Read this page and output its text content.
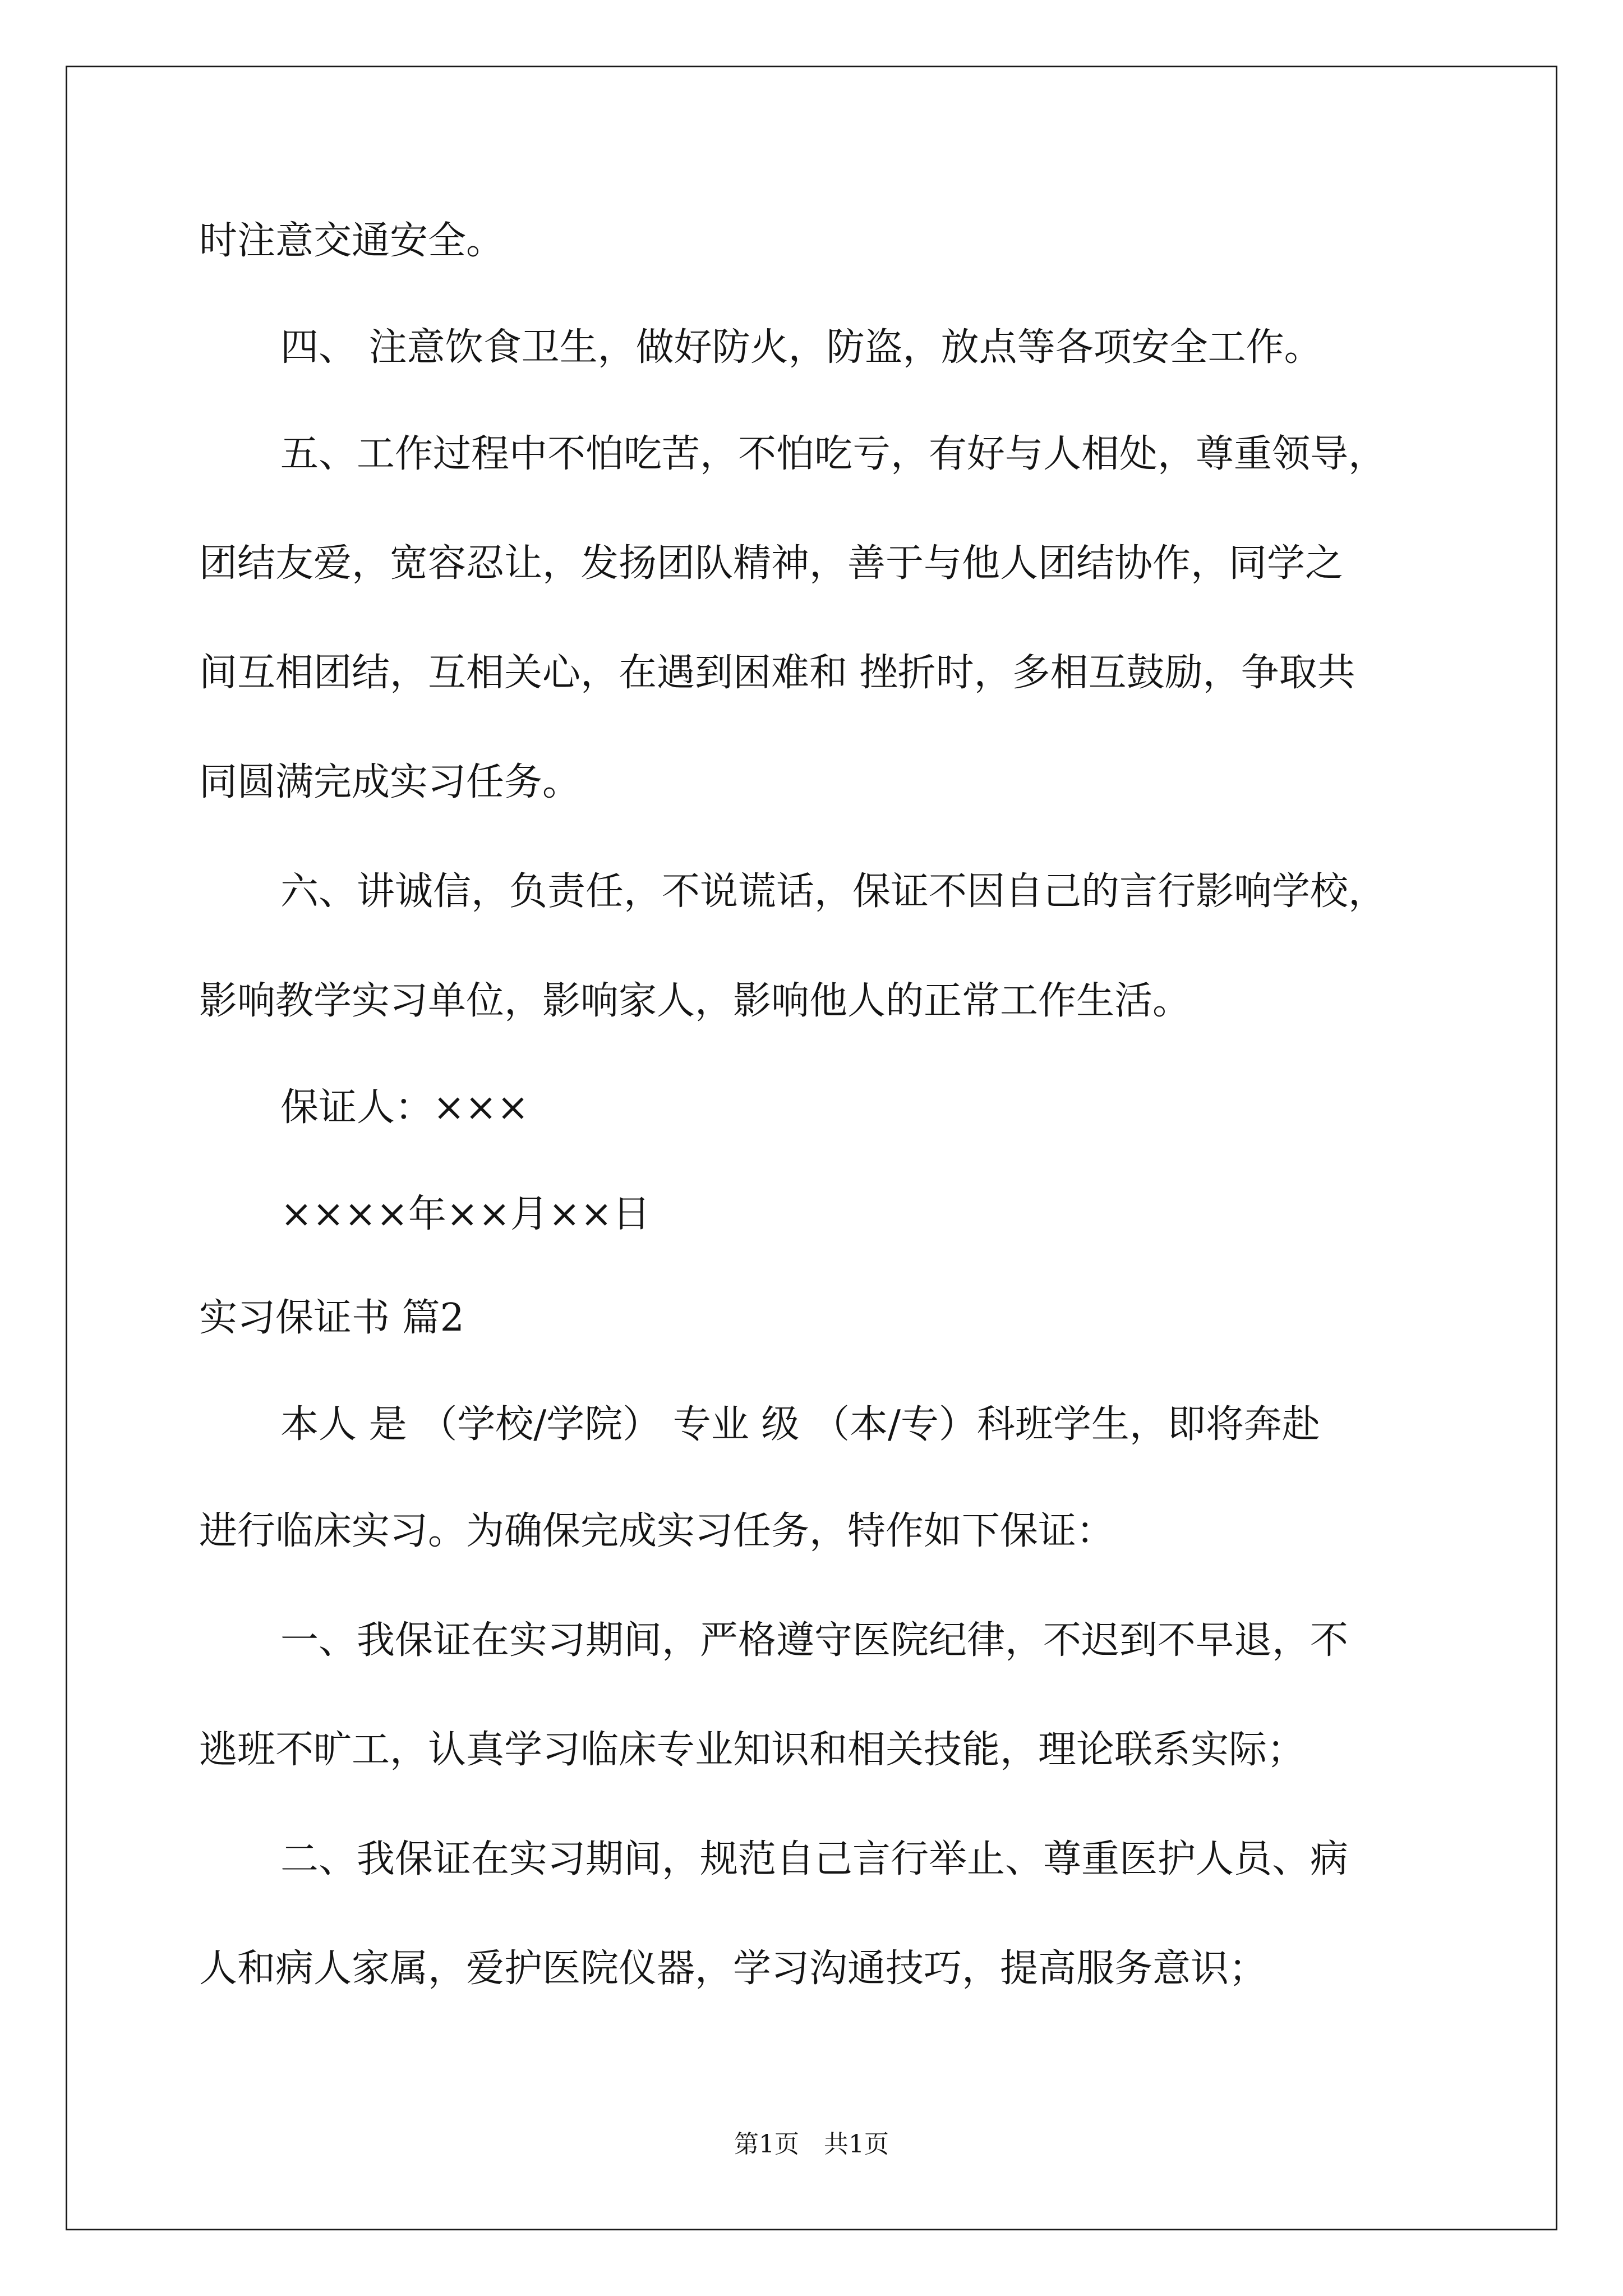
时注意交通安全。
四、 注意饮食卫生，做好防火，防盗，放点等各项安全工作。
五、工作过程中不怕吃苦，不怕吃亏，有好与人相处，尊重领导，
团结友爱，宽容忍让，发扬团队精神，善于与他人团结协作，同学之
间互相团结，互相关心，在遇到困难和 挫折时，多相互鼓励，争取共
同圆满完成实习任务。
六、讲诚信，负责任，不说谎话，保证不因自己的言行影响学校，
影响教学实习单位，影响家人，影响他人的正常工作生活。
保证人：×××
××××年××月××日
实习保证书 篇2
本人 是 （学校/学院） 专业 级 （本/专）科班学生，即将奔赴
进行临床实习。为确保完成实习任务，特作如下保证：
一、我保证在实习期间，严格遵守医院纪律，不迟到不早退，不
逃班不旷工，认真学习临床专业知识和相关技能，理论联系实际；
二、我保证在实习期间，规范自己言行举止、尊重医护人员、病
人和病人家属，爱护医院仪器，学习沟通技巧，提高服务意识；
第1页　共1页
